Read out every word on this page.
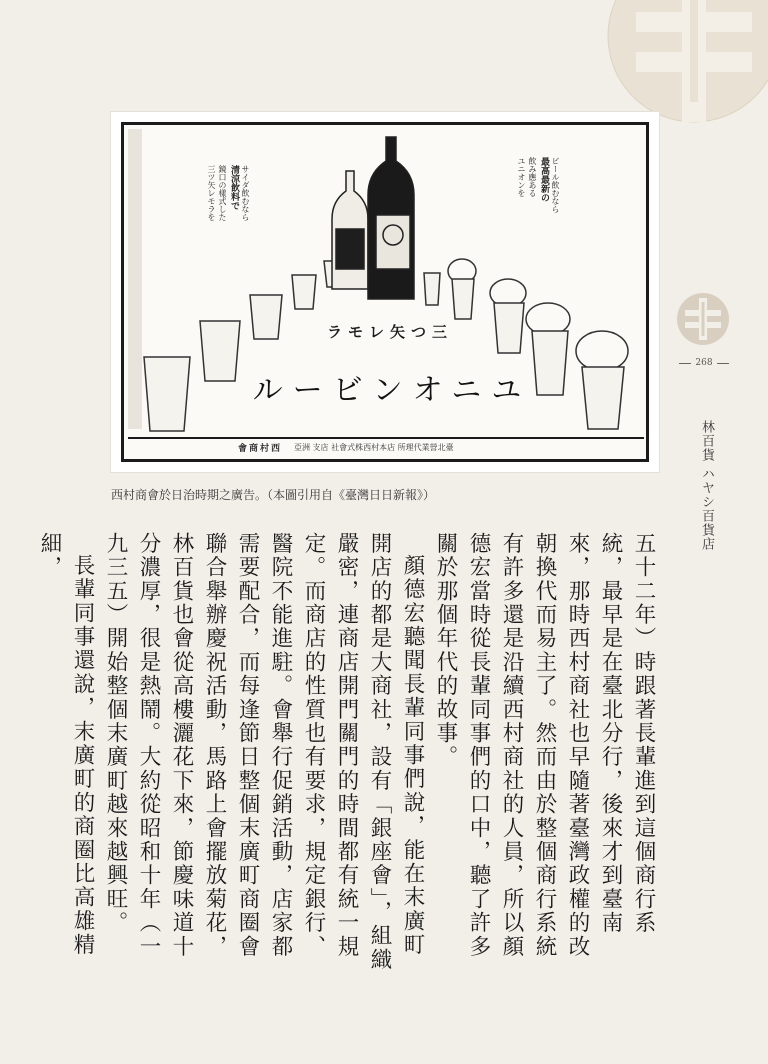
268
林百貨 ハヤシ百貨店
ビール飲むなら
最高最新の
飲み應ある
ユニオンを
サイダ飲むなら
清涼飲料で
鏡口の樣式した
三ツ矢レモラを
ラモレ矢つ三
ルービンオニユ
會商村西 亞洲 支店 社會式株西村本店 所理代業營北臺
西村商會於日治時期之廣告。（本圖引用自《臺灣日日新報》）

五十二年）時跟著長輩進到這個商行系統，最早是在臺北分行，後來才到臺南來，那時西村商社也早隨著臺灣政權的改朝換代而易主了。然而由於整個商行系統有許多還是沿續西村商社的人員，所以顏德宏當時從長輩同事們的口中，聽了許多關於那個年代的故事。

顏德宏聽聞長輩同事們說，能在末廣町開店的都是大商社，設有「銀座會」，組織嚴密，連商店開門關門的時間都有統一規定。而商店的性質也有要求，規定銀行、醫院不能進駐。會舉行促銷活動，店家都需要配合，而每逢節日整個末廣町商圈會聯合舉辦慶祝活動，馬路上會擺放菊花，林百貨也會從高樓灑花下來，節慶味道十分濃厚，很是熱鬧。大約從昭和十年（一九三五）開始整個末廣町越來越興旺。

長輩同事還說，末廣町的商圈比高雄精細，
